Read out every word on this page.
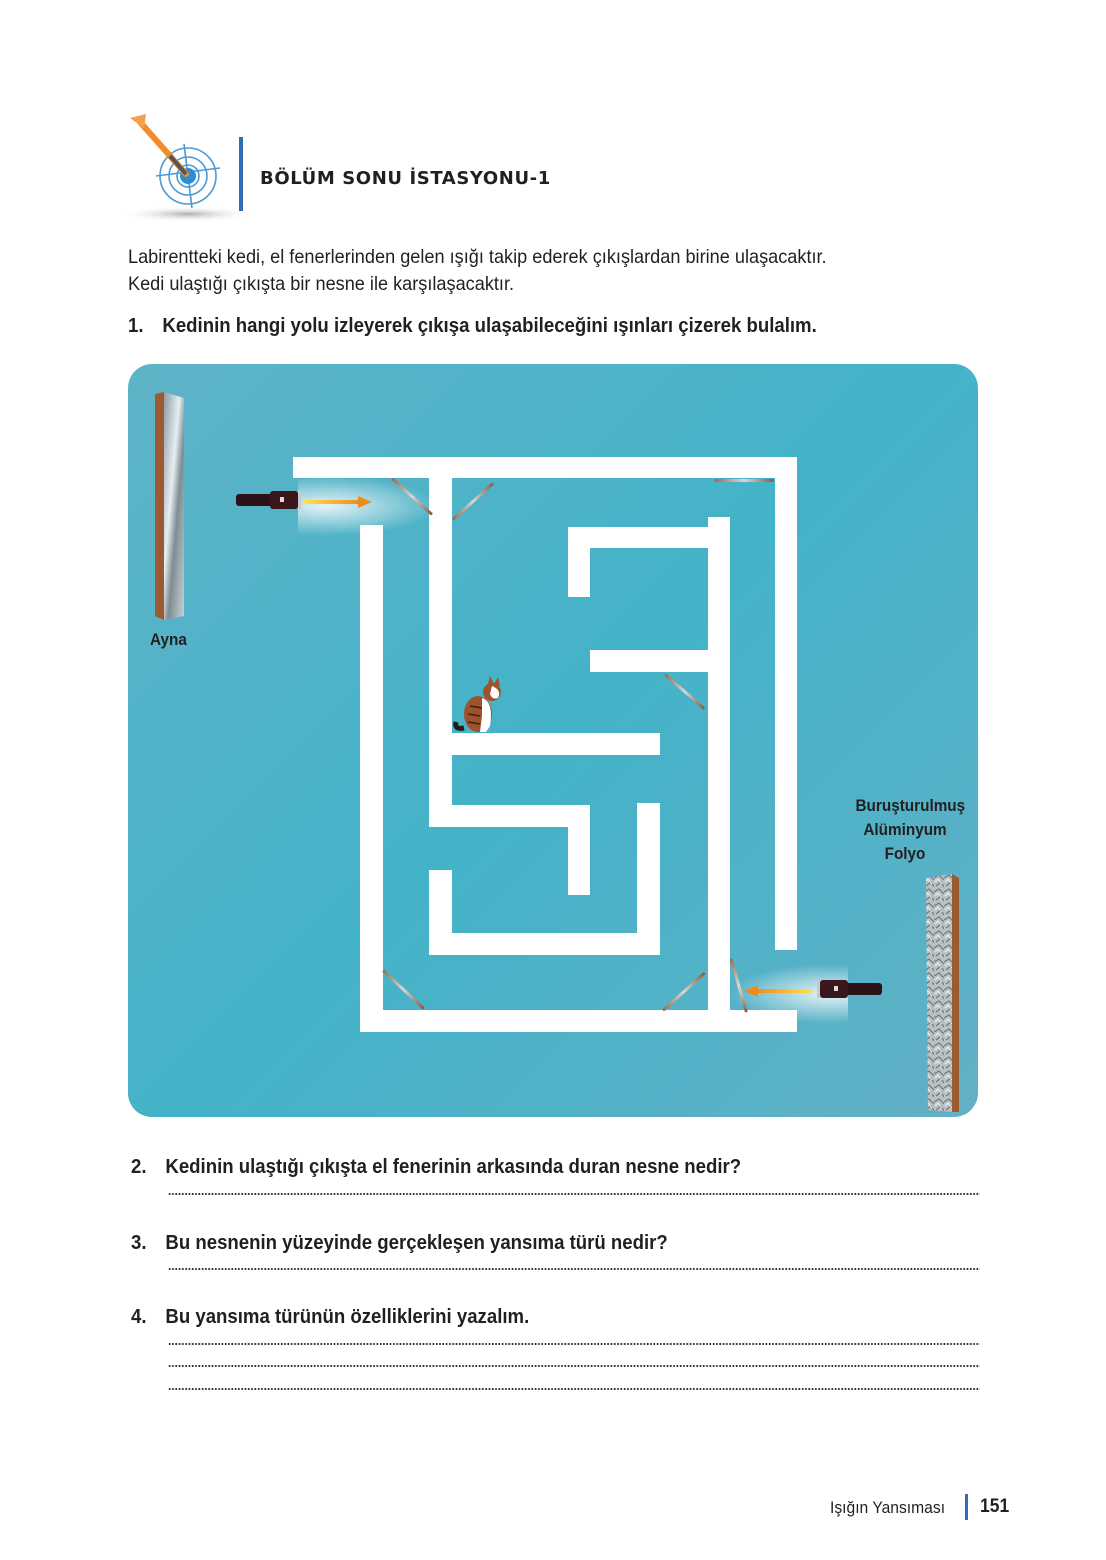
BÖLÜM SONU İSTASYONU-1
Labirentteki kedi, el fenerlerinden gelen ışığı takip ederek çıkışlardan birine ulaşacaktır.
Kedi ulaştığı çıkışta bir nesne ile karşılaşacaktır.
1. Kedinin hangi yolu izleyerek çıkışa ulaşabileceğini ışınları çizerek bulalım.
Ayna
Buruşturulmuş
Alüminyum
Folyo
2. Kedinin ulaştığı çıkışta el fenerinin arkasında duran nesne nedir?
3. Bu nesnenin yüzeyinde gerçekleşen yansıma türü nedir?
4. Bu yansıma türünün özelliklerini yazalım.
Işığın Yansıması 151
